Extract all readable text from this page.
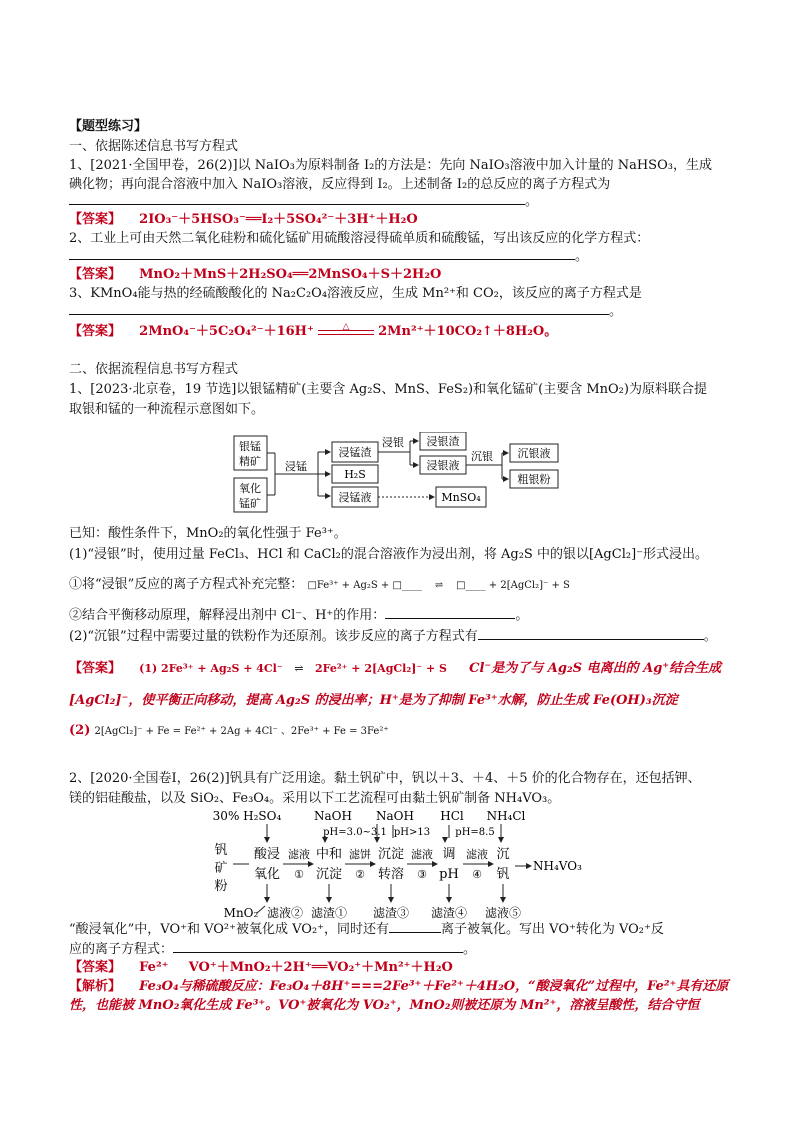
【题型练习】
一、依据陈述信息书写方程式
1、[2021·全国甲卷，26(2)]以 NaIO₃为原料制备 I₂的方法是：先向 NaIO₃溶液中加入计量的 NaHSO₃，生成
碘化物；再向混合溶液中加入 NaIO₃溶液，反应得到 I₂。上述制备 I₂的总反应的离子方程式为
。
【答案】 2IO₃⁻＋5HSO₃⁻══I₂＋5SO₄²⁻＋3H⁺＋H₂O
2、工业上可由天然二氧化硅粉和硫化锰矿用硫酸溶浸得硫单质和硫酸锰，写出该反应的化学方程式：
。
【答案】 MnO₂＋MnS＋2H₂SO₄══2MnSO₄＋S＋2H₂O
3、KMnO₄能与热的经硫酸酸化的 Na₂C₂O₄溶液反应，生成 Mn²⁺和 CO₂，该反应的离子方程式是
。
【答案】 2MnO₄⁻＋5C₂O₄²⁻＋16H⁺	△	2Mn²⁺＋10CO₂↑＋8H₂O。
二、依据流程信息书写方程式
1、[2023·北京卷，19 节选]以银锰精矿(主要含 Ag₂S、MnS、FeS₂)和氧化锰矿(主要含 MnO₂)为原料联合提
取银和锰的一种流程示意图如下。
银锰
精矿
氧化
锰矿
浸锰
浸锰渣
H₂S
浸锰液
浸银 浸银渣
浸银液
沉银 沉银液
粗银粉
MnSO₄
已知：酸性条件下，MnO₂的氧化性强于 Fe³⁺。
(1)“浸银”时，使用过量 FeCl₃、HCl 和 CaCl₂的混合溶液作为浸出剂，将 Ag₂S 中的银以[AgCl₂]⁻形式浸出。
①将“浸银”反应的离子方程式补充完整： □Fe³⁺ + Ag₂S + □____ ⇌ □____ + 2[AgCl₂]⁻ + S
②结合平衡移动原理，解释浸出剂中 Cl⁻、H⁺的作用：	。
(2)“沉银”过程中需要过量的铁粉作为还原剂。该步反应的离子方程式有	。
【答案】 (1) 2Fe³⁺ + Ag₂S + 4Cl⁻ ⇌ 2Fe²⁺ + 2[AgCl₂]⁻ + S Cl⁻是为了与 Ag₂S 电离出的 Ag⁺结合生成
[AgCl₂]⁻，使平衡正向移动，提高 Ag₂S 的浸出率；H⁺是为了抑制 Fe³⁺水解，防止生成 Fe(OH)₃沉淀
(2) 2[AgCl₂]⁻ + Fe = Fe²⁺ + 2Ag + 4Cl⁻ 、2Fe³⁺ + Fe = 3Fe²⁺
2、[2020·全国卷Ⅰ，26(2)]钒具有广泛用途。黏土钒矿中，钒以＋3、＋4、＋5 价的化合物存在，还包括钾、
镁的铝硅酸盐，以及 SiO₂、Fe₃O₄。采用以下工艺流程可由黏土钒矿制备 NH₄VO₃。
30% H₂SO₄	NaOH NaOH HCl NH₄Cl
pH=3.0~3.1 pH>13	pH=8.5
钒
矿
粉
酸浸
氧化
滤液
①
中和
沉淀
滤饼
②
沉淀
转溶
滤液
③
调
pH
滤液
④
沉
钒
NH₄VO₃
MnO₂	滤渣① 滤渣③ 滤渣④ 滤液⑤
滤液②
“酸浸氧化”中，VO⁺和 VO²⁺被氧化成 VO₂⁺，同时还有	离子被氧化。写出 VO⁺转化为 VO₂⁺反
应的离子方程式：	。
【答案】 Fe²⁺ VO⁺＋MnO₂＋2H⁺══VO₂⁺＋Mn²⁺＋H₂O
【解析】 Fe₃O₄与稀硫酸反应：Fe₃O₄＋8H⁺===2Fe³⁺＋Fe²⁺＋4H₂O，“酸浸氧化”过程中，Fe²⁺具有还原
性，也能被 MnO₂氧化生成 Fe³⁺。VO⁺被氧化为 VO₂⁺，MnO₂则被还原为 Mn²⁺，溶液呈酸性，结合守恒
